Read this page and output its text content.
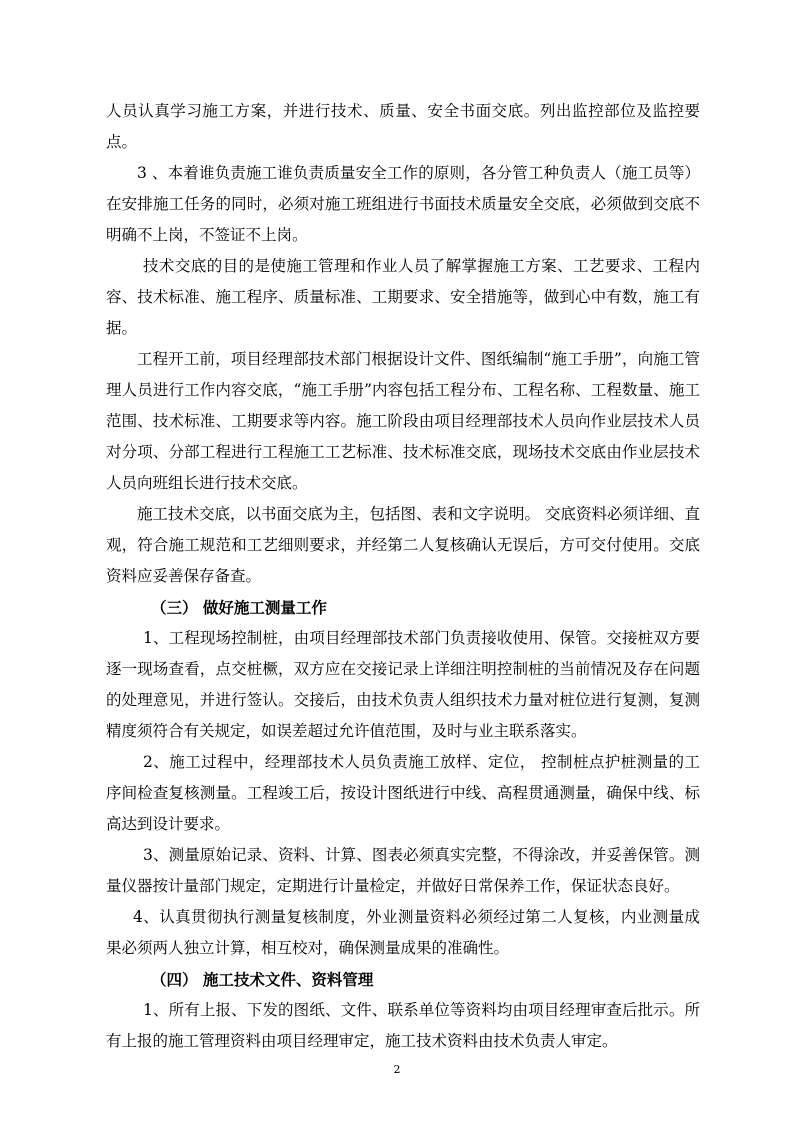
人员认真学习施工方案，并进行技术、质量、安全书面交底。列出监控部位及监控要点。

3 、本着谁负责施工谁负责质量安全工作的原则，各分管工种负责人（施工员等）在安排施工任务的同时，必须对施工班组进行书面技术质量安全交底，必须做到交底不明确不上岗，不签证不上岗。

技术交底的目的是使施工管理和作业人员了解掌握施工方案、工艺要求、工程内容、技术标准、施工程序、质量标准、工期要求、安全措施等，做到心中有数，施工有据。

工程开工前，项目经理部技术部门根据设计文件、图纸编制“施工手册”，向施工管理人员进行工作内容交底，“施工手册”内容包括工程分布、工程名称、工程数量、施工范围、技术标准、工期要求等内容。施工阶段由项目经理部技术人员向作业层技术人员对分项、分部工程进行工程施工工艺标准、技术标准交底，现场技术交底由作业层技术人员向班组长进行技术交底。

施工技术交底，以书面交底为主，包括图、表和文字说明。 交底资料必须详细、直观，符合施工规范和工艺细则要求，并经第二人复核确认无误后，方可交付使用。交底资料应妥善保存备查。

（三） 做好施工测量工作

1、工程现场控制桩，由项目经理部技术部门负责接收使用、保管。交接桩双方要逐一现场查看，点交桩橛，双方应在交接记录上详细注明控制桩的当前情况及存在问题的处理意见，并进行签认。交接后，由技术负责人组织技术力量对桩位进行复测，复测精度须符合有关规定，如误差超过允许值范围，及时与业主联系落实。

2、施工过程中，经理部技术人员负责施工放样、定位， 控制桩点护桩测量的工序间检查复核测量。工程竣工后，按设计图纸进行中线、高程贯通测量，确保中线、标高达到设计要求。

3、测量原始记录、资料、计算、图表必须真实完整，不得涂改，并妥善保管。测量仪器按计量部门规定，定期进行计量检定，并做好日常保养工作，保证状态良好。

4、认真贯彻执行测量复核制度，外业测量资料必须经过第二人复核，内业测量成果必须两人独立计算，相互校对，确保测量成果的准确性。

（四） 施工技术文件、资料管理

1、所有上报、下发的图纸、文件、联系单位等资料均由项目经理审查后批示。所有上报的施工管理资料由项目经理审定，施工技术资料由技术负责人审定。

2
